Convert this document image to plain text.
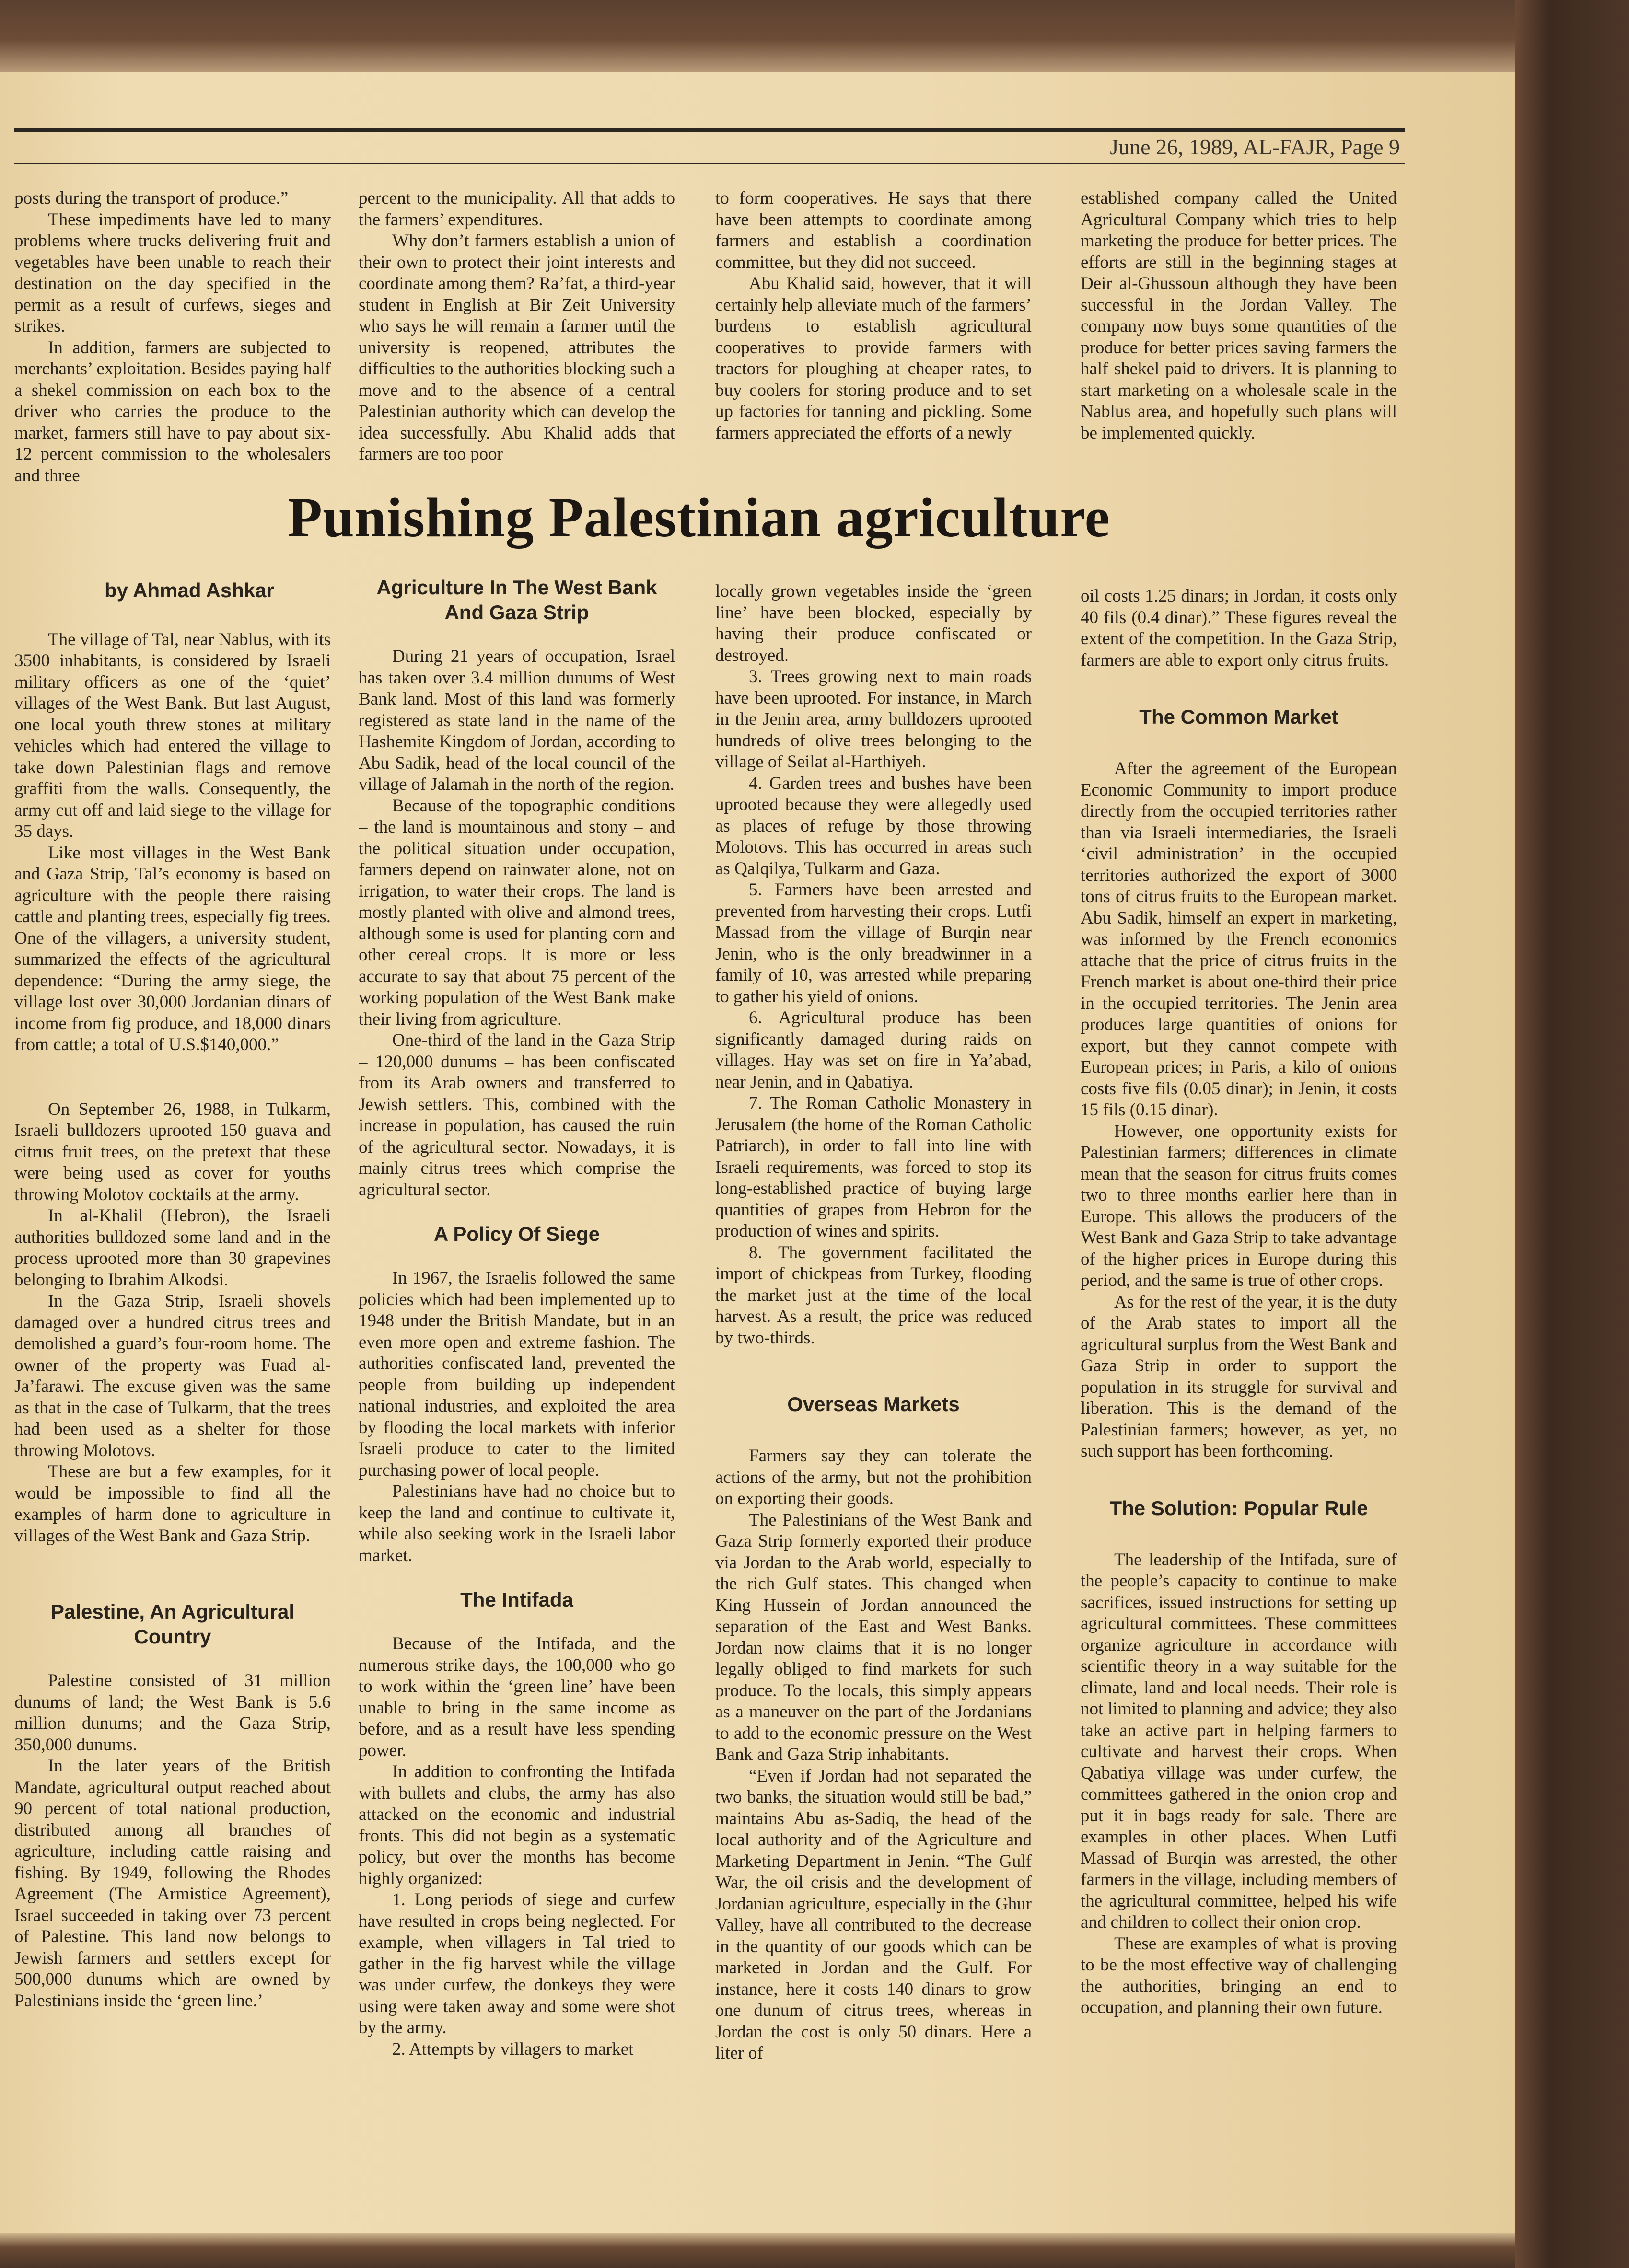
June 26, 1989, AL-FAJR, Page 9

posts during the transport of produce.”

These impediments have led to many problems where trucks delivering fruit and vegetables have been unable to reach their destination on the day specified in the permit as a result of curfews, sieges and strikes.

In addition, farmers are subjected to merchants’ exploitation. Besides paying half a shekel commission on each box to the driver who carries the produce to the market, farmers still have to pay about six-12 percent commission to the wholesalers and three

percent to the municipality. All that adds to the farmers’ expenditures.

Why don’t farmers establish a union of their own to protect their joint interests and coordinate among them? Ra’fat, a third-year student in English at Bir Zeit University who says he will remain a farmer until the university is reopened, attributes the difficulties to the authorities blocking such a move and to the absence of a central Palestinian authority which can develop the idea successfully. Abu Khalid adds that farmers are too poor

to form cooperatives. He says that there have been attempts to coordinate among farmers and establish a coordination committee, but they did not succeed.

Abu Khalid said, however, that it will certainly help alleviate much of the farmers’ burdens to establish agricultural cooperatives to provide farmers with tractors for ploughing at cheaper rates, to buy coolers for storing produce and to set up factories for tanning and pickling. Some farmers appreciated the efforts of a newly

established company called the United Agricultural Company which tries to help marketing the produce for better prices. The efforts are still in the beginning stages at Deir al-Ghussoun although they have been successful in the Jordan Valley. The company now buys some quantities of the produce for better prices saving farmers the half shekel paid to drivers. It is planning to start marketing on a wholesale scale in the Nablus area, and hopefully such plans will be implemented quickly.

Punishing Palestinian agriculture

by Ahmad Ashkar

The village of Tal, near Nablus, with its 3500 inhabitants, is considered by Israeli military officers as one of the ‘quiet’ villages of the West Bank. But last August, one local youth threw stones at military vehicles which had entered the village to take down Palestinian flags and remove graffiti from the walls. Consequently, the army cut off and laid siege to the village for 35 days.

Like most villages in the West Bank and Gaza Strip, Tal’s economy is based on agriculture with the people there raising cattle and planting trees, especially fig trees. One of the villagers, a university student, summarized the effects of the agricultural dependence: “During the army siege, the village lost over 30,000 Jordanian dinars of income from fig produce, and 18,000 dinars from cattle; a total of U.S.$140,000.”

On September 26, 1988, in Tulkarm, Israeli bulldozers uprooted 150 guava and citrus fruit trees, on the pretext that these were being used as cover for youths throwing Molotov cocktails at the army.

In al-Khalil (Hebron), the Israeli authorities bulldozed some land and in the process uprooted more than 30 grapevines belonging to Ibrahim Alkodsi.

In the Gaza Strip, Israeli shovels damaged over a hundred citrus trees and demolished a guard’s four-room home. The owner of the property was Fuad al-Ja’farawi. The excuse given was the same as that in the case of Tulkarm, that the trees had been used as a shelter for those throwing Molotovs.

These are but a few examples, for it would be impossible to find all the examples of harm done to agriculture in villages of the West Bank and Gaza Strip.

Palestine, An Agricultural Country

Palestine consisted of 31 million dunums of land; the West Bank is 5.6 million dunums; and the Gaza Strip, 350,000 dunums.

In the later years of the British Mandate, agricultural output reached about 90 percent of total national production, distributed among all branches of agriculture, including cattle raising and fishing. By 1949, following the Rhodes Agreement (The Armistice Agreement), Israel succeeded in taking over 73 percent of Palestine. This land now belongs to Jewish farmers and settlers except for 500,000 dunums which are owned by Palestinians inside the ‘green line.’

Agriculture In The West Bank And Gaza Strip

During 21 years of occupation, Israel has taken over 3.4 million dunums of West Bank land. Most of this land was formerly registered as state land in the name of the Hashemite Kingdom of Jordan, according to Abu Sadik, head of the local council of the village of Jalamah in the north of the region.

Because of the topographic conditions – the land is mountainous and stony – and the political situation under occupation, farmers depend on rainwater alone, not on irrigation, to water their crops. The land is mostly planted with olive and almond trees, although some is used for planting corn and other cereal crops. It is more or less accurate to say that about 75 percent of the working population of the West Bank make their living from agriculture.

One-third of the land in the Gaza Strip – 120,000 dunums – has been confiscated from its Arab owners and transferred to Jewish settlers. This, combined with the increase in population, has caused the ruin of the agricultural sector. Nowadays, it is mainly citrus trees which comprise the agricultural sector.

A Policy Of Siege

In 1967, the Israelis followed the same policies which had been implemented up to 1948 under the British Mandate, but in an even more open and extreme fashion. The authorities confiscated land, prevented the people from building up independent national industries, and exploited the area by flooding the local markets with inferior Israeli produce to cater to the limited purchasing power of local people.

Palestinians have had no choice but to keep the land and continue to cultivate it, while also seeking work in the Israeli labor market.

The Intifada

Because of the Intifada, and the numerous strike days, the 100,000 who go to work within the ‘green line’ have been unable to bring in the same income as before, and as a result have less spending power.

In addition to confronting the Intifada with bullets and clubs, the army has also attacked on the economic and industrial fronts. This did not begin as a systematic policy, but over the months has become highly organized:

1. Long periods of siege and curfew have resulted in crops being neglected. For example, when villagers in Tal tried to gather in the fig harvest while the village was under curfew, the donkeys they were using were taken away and some were shot by the army.

2. Attempts by villagers to market

locally grown vegetables inside the ‘green line’ have been blocked, especially by having their produce confiscated or destroyed.

3. Trees growing next to main roads have been uprooted. For instance, in March in the Jenin area, army bulldozers uprooted hundreds of olive trees belonging to the village of Seilat al-Harthiyeh.

4. Garden trees and bushes have been uprooted because they were allegedly used as places of refuge by those throwing Molotovs. This has occurred in areas such as Qalqilya, Tulkarm and Gaza.

5. Farmers have been arrested and prevented from harvesting their crops. Lutfi Massad from the village of Burqin near Jenin, who is the only breadwinner in a family of 10, was arrested while preparing to gather his yield of onions.

6. Agricultural produce has been significantly damaged during raids on villages. Hay was set on fire in Ya’abad, near Jenin, and in Qabatiya.

7. The Roman Catholic Monastery in Jerusalem (the home of the Roman Catholic Patriarch), in order to fall into line with Israeli requirements, was forced to stop its long-established practice of buying large quantities of grapes from Hebron for the production of wines and spirits.

8. The government facilitated the import of chickpeas from Turkey, flooding the market just at the time of the local harvest. As a result, the price was reduced by two-thirds.

Overseas Markets

Farmers say they can tolerate the actions of the army, but not the prohibition on exporting their goods.

The Palestinians of the West Bank and Gaza Strip formerly exported their produce via Jordan to the Arab world, especially to the rich Gulf states. This changed when King Hussein of Jordan announced the separation of the East and West Banks. Jordan now claims that it is no longer legally obliged to find markets for such produce. To the locals, this simply appears as a maneuver on the part of the Jordanians to add to the economic pressure on the West Bank and Gaza Strip inhabitants.

“Even if Jordan had not separated the two banks, the situation would still be bad,” maintains Abu as-Sadiq, the head of the local authority and of the Agriculture and Marketing Department in Jenin. “The Gulf War, the oil crisis and the development of Jordanian agriculture, especially in the Ghur Valley, have all contributed to the decrease in the quantity of our goods which can be marketed in Jordan and the Gulf. For instance, here it costs 140 dinars to grow one dunum of citrus trees, whereas in Jordan the cost is only 50 dinars. Here a liter of

oil costs 1.25 dinars; in Jordan, it costs only 40 fils (0.4 dinar).” These figures reveal the extent of the competition. In the Gaza Strip, farmers are able to export only citrus fruits.

The Common Market

After the agreement of the European Economic Community to import produce directly from the occupied territories rather than via Israeli intermediaries, the Israeli ‘civil administration’ in the occupied territories authorized the export of 3000 tons of citrus fruits to the European market. Abu Sadik, himself an expert in marketing, was informed by the French economics attache that the price of citrus fruits in the French market is about one-third their price in the occupied territories. The Jenin area produces large quantities of onions for export, but they cannot compete with European prices; in Paris, a kilo of onions costs five fils (0.05 dinar); in Jenin, it costs 15 fils (0.15 dinar).

However, one opportunity exists for Palestinian farmers; differences in climate mean that the season for citrus fruits comes two to three months earlier here than in Europe. This allows the producers of the West Bank and Gaza Strip to take advantage of the higher prices in Europe during this period, and the same is true of other crops.

As for the rest of the year, it is the duty of the Arab states to import all the agricultural surplus from the West Bank and Gaza Strip in order to support the population in its struggle for survival and liberation. This is the demand of the Palestinian farmers; however, as yet, no such support has been forthcoming.

The Solution: Popular Rule

The leadership of the Intifada, sure of the people’s capacity to continue to make sacrifices, issued instructions for setting up agricultural committees. These committees organize agriculture in accordance with scientific theory in a way suitable for the climate, land and local needs. Their role is not limited to planning and advice; they also take an active part in helping farmers to cultivate and harvest their crops. When Qabatiya village was under curfew, the committees gathered in the onion crop and put it in bags ready for sale. There are examples in other places. When Lutfi Massad of Burqin was arrested, the other farmers in the village, including members of the agricultural committee, helped his wife and children to collect their onion crop.

These are examples of what is proving to be the most effective way of challenging the authorities, bringing an end to occupation, and planning their own future.
